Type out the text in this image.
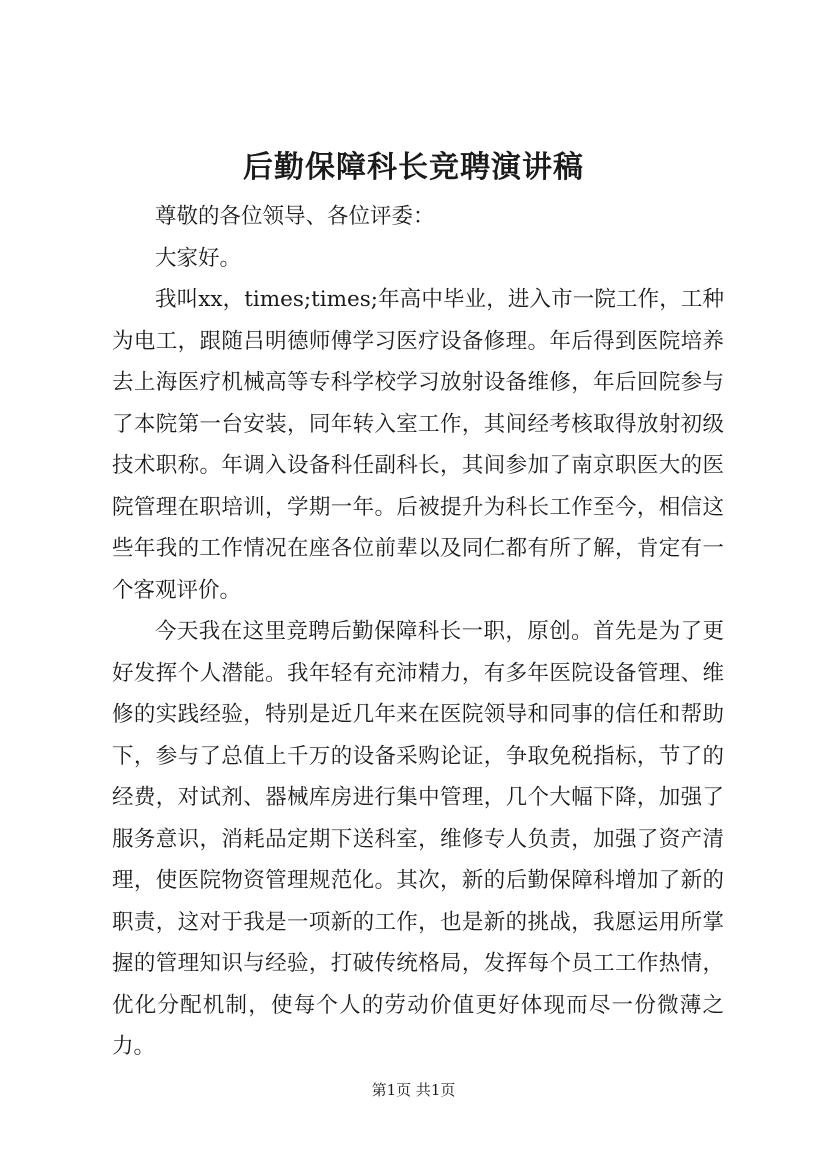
后勤保障科长竞聘演讲稿

尊敬的各位领导、各位评委：

大家好。

我叫xx，times;times;年高中毕业，进入市一院工作，工种为电工，跟随吕明德师傅学习医疗设备修理。年后得到医院培养去上海医疗机械高等专科学校学习放射设备维修，年后回院参与了本院第一台安装，同年转入室工作，其间经考核取得放射初级技术职称。年调入设备科任副科长，其间参加了南京职医大的医院管理在职培训，学期一年。后被提升为科长工作至今，相信这些年我的工作情况在座各位前辈以及同仁都有所了解，肯定有一个客观评价。

今天我在这里竞聘后勤保障科长一职，原创。首先是为了更好发挥个人潜能。我年轻有充沛精力，有多年医院设备管理、维修的实践经验，特别是近几年来在医院领导和同事的信任和帮助下，参与了总值上千万的设备采购论证，争取免税指标，节了的经费，对试剂、器械库房进行集中管理，几个大幅下降，加强了服务意识，消耗品定期下送科室，维修专人负责，加强了资产清理，使医院物资管理规范化。其次，新的后勤保障科增加了新的职责，这对于我是一项新的工作，也是新的挑战，我愿运用所掌握的管理知识与经验，打破传统格局，发挥每个员工工作热情，优化分配机制，使每个人的劳动价值更好体现而尽一份微薄之力。

第1页 共1页
